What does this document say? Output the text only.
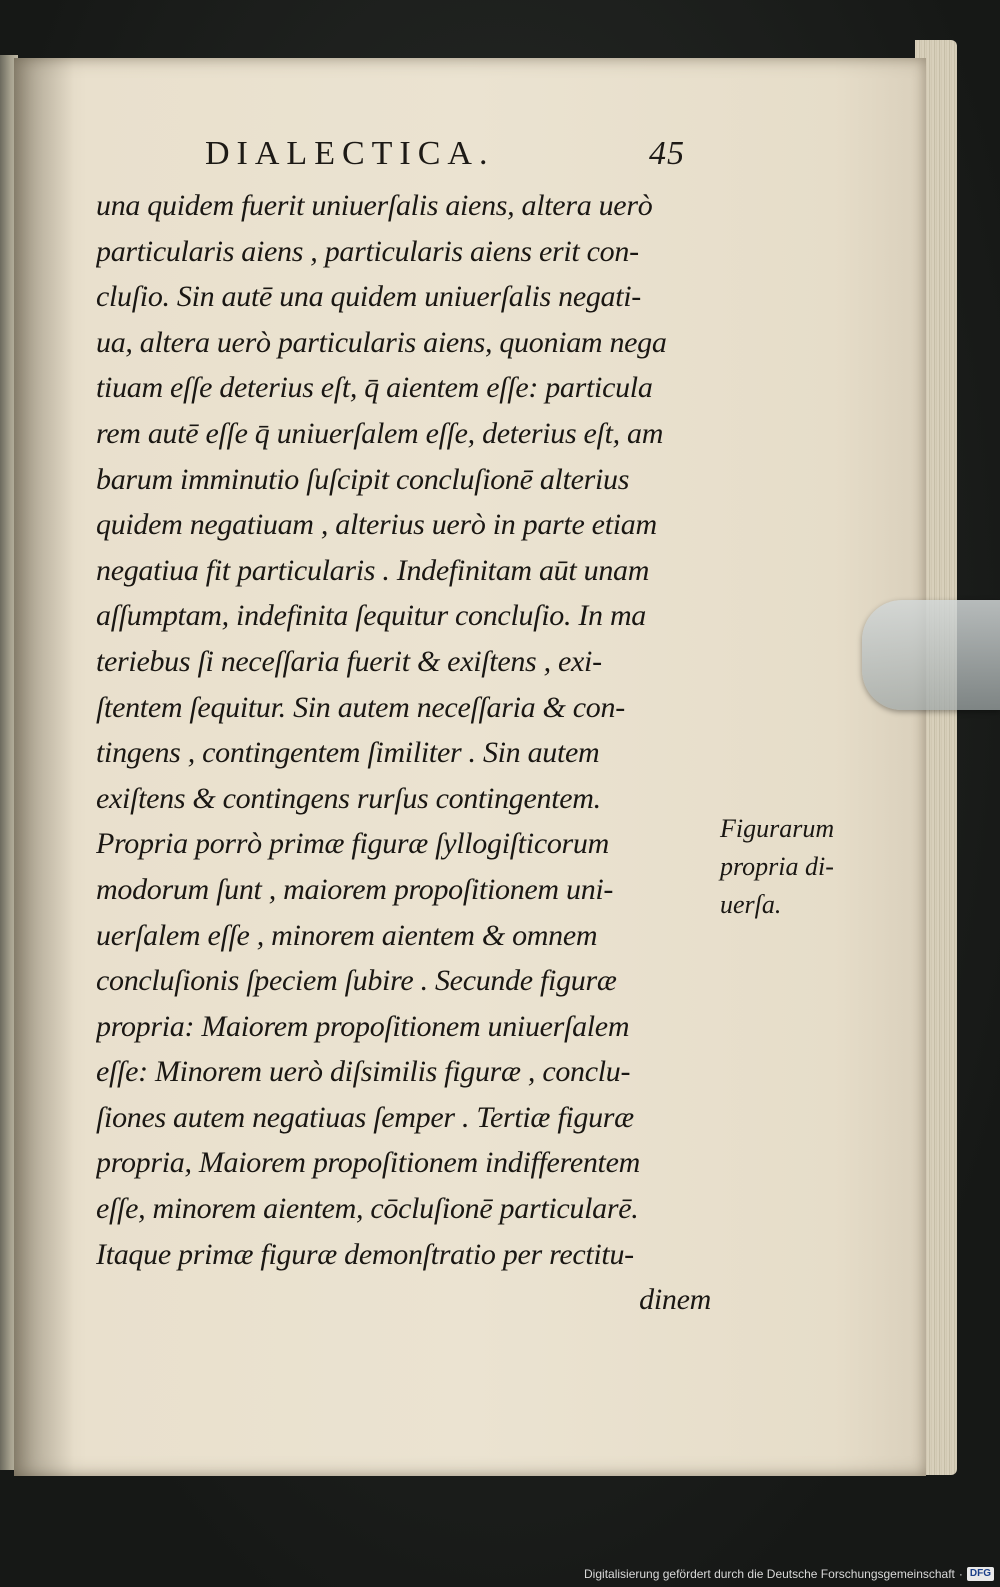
DIALECTICA.	45
una quidem fuerit uniuerſalis aiens, altera uerò
particularis aiens , particularis aiens erit con-
cluſio. Sin autē una quidem uniuerſalis negati-
ua, altera uerò particularis aiens, quoniam nega
tiuam eſſe deterius eſt, q̄ aientem eſſe: particula
rem autē eſſe q̄ uniuerſalem eſſe, deterius eſt, am
barum imminutio ſuſcipit concluſionē alterius
quidem negatiuam , alterius uerò in parte etiam
negatiua fit particularis . Indefinitam aūt unam
aſſumptam, indefinita ſequitur concluſio. In ma
teriebus ſi neceſſaria fuerit & exiſtens , exi-
ſtentem ſequitur. Sin autem neceſſaria & con-
tingens , contingentem ſimiliter . Sin autem
exiſtens & contingens rurſus contingentem.
Propria porrò primæ figuræ ſyllogiſticorum
modorum ſunt , maiorem propoſitionem uni-
uerſalem eſſe , minorem aientem & omnem
concluſionis ſpeciem ſubire . Secunde figuræ
propria: Maiorem propoſitionem uniuerſalem
eſſe: Minorem uerò diſsimilis figuræ , conclu-
ſiones autem negatiuas ſemper . Tertiæ figuræ
propria, Maiorem propoſitionem indifferentem
eſſe, minorem aientem, cōcluſionē particularē.
Itaque primæ figuræ demonſtratio per rectitu-
dinem
Figurarum
propria di-
uerſa.
Digitalisierung gefördert durch die Deutsche Forschungsgemeinschaft · DFG
